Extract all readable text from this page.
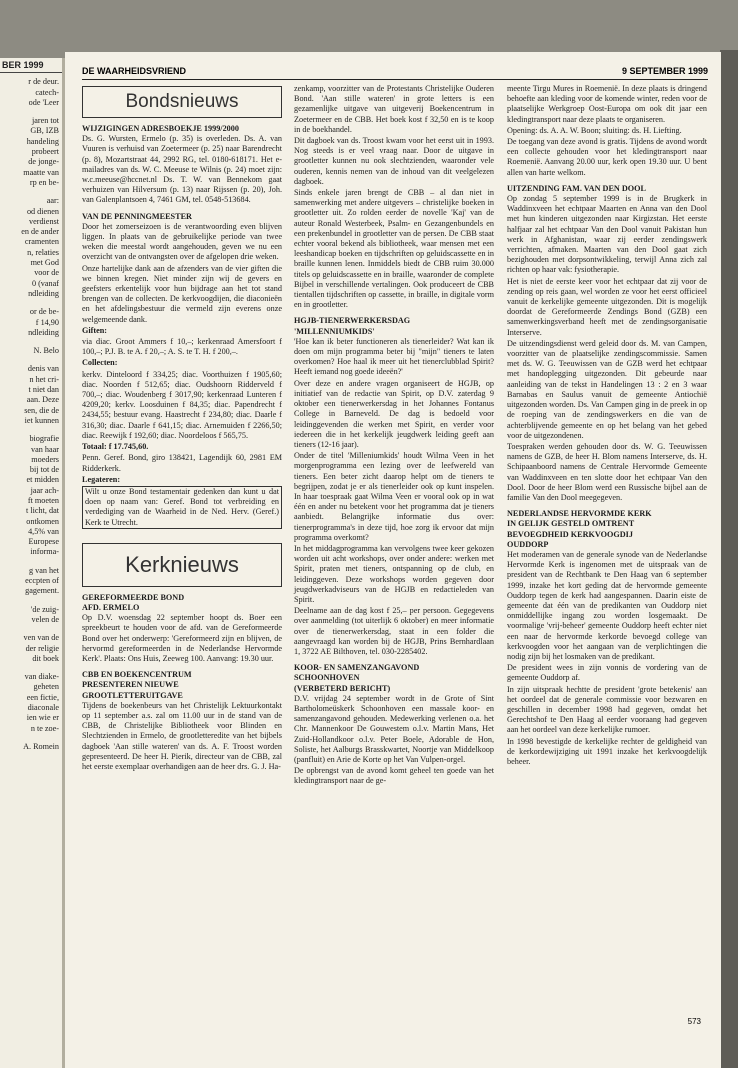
BER 1999
r de deur.
catech-
ode 'Leer
jaren tot
GB, IZB
handeling
probeert
de jonge-
maatte van
rp en be-
aar:
od dienen
verdienst
en de ander
cramenten
n, relaties
met God
voor de
0 (vanaf
ndleiding
or de be-
f 14,90
ndleiding
N. Belo
denis van
n het cri-
t niet dan
aan. Deze
sen, die de
iet kunnen
biografie
van haar
moeders
bij tot de
et midden
jaar ach-
ft moeten
t licht, dat
ontkomen
4,5% van
Europese
informa-
g van het
eccpten of
gagement.
'de zuig-
velen de
ven van de
der religie
dit boek
van diake-
geheten
een fictie,
diaconale
ien wie er
n te zoe-
A. Romein
DE WAARHEIDSVRIEND	9 SEPTEMBER 1999
Bondsnieuws
WIJZIGINGEN ADRESBOEKJE 1999/2000

Ds. G. Wursten, Ermelo (p. 35) is overleden. Ds. A. van Vuuren is verhuisd van Zoetermeer (p. 25) naar Barendrecht (p. 8), Mozartstraat 44, 2992 RG, tel. 0180-618171. Het e-mailadres van ds. W. C. Meeuse te Wilnis (p. 24) moet zijn: w.c.meeuse@hccnet.nl Ds. T. W. van Bennekom gaat verhuizen van Hilversum (p. 13) naar Rijssen (p. 20), Joh. van Galenplantsoen 4, 7461 GM, tel. 0548-513684.

VAN DE PENNINGMEESTER

Door het zomerseizoen is de verantwoording even blijven liggen. In plaats van de gebruikelijke periode van twee weken die meestal wordt aangehouden, geven we nu een overzicht van de ontvangsten over de afgelopen drie weken.

Onze hartelijke dank aan de afzenders van de vier giften die we binnen kregen. Niet minder zijn wij de gevers en geefsters erkentelijk voor hun bijdrage aan het tot stand brengen van de collecten. De kerkvoogdijen, die diaconieën en het afdelingsbestuur die vermeld zijn everens onze welgemeende dank.

Giften:

via diac. Groot Ammers f 10,–; kerkenraad Amersfoort f 100,–; P.J. B. te A. f 20,–; A. S. te T. H. f 200,–.

Collecten:

kerkv. Dinteloord f 334,25; diac. Voorthuizen f 1905,60; diac. Noorden f 512,65; diac. Oudshoorn Ridderveld f 700,–; diac. Woudenberg f 3017,90; kerkenraad Lunteren f 4209,20; kerkv. Loosduinen f 84,35; diac. Papendrecht f 2434,55; bestuur evang. Haastrecht f 234,80; diac. Daarle f 316,30; diac. Daarle f 641,15; diac. Arnemuiden f 2266,50; diac. Reewijk f 192,60; diac. Noordeloos f 565,75.

Totaal: f 17.745,60.

Penn. Geref. Bond, giro 138421, Lagendijk 60, 2981 EM Ridderkerk.

Legateren:

Wilt u onze Bond testamentair gedenken dan kunt u dat doen op naam van: Geref. Bond tot verbreiding en verdediging van de Waarheid in de Ned. Herv. (Geref.) Kerk te Utrecht.

Kerknieuws
GEREFORMEERDE BOND
AFD. ERMELO

Op D.V. woensdag 22 september hoopt ds. Boer een spreekbeurt te houden voor de afd. van de Gereformeerde Bond over het onderwerp: 'Gereformeerd zijn en blijven, de hervormd gereformeerden in de Nederlandse Hervormde Kerk'. Plaats: Ons Huis, Zeeweg 100. Aanvang: 19.30 uur.

CBB EN BOEKENCENTRUM
PRESENTEREN NIEUWE
GROOTLETTERUITGAVE

Tijdens de boekenbeurs van het Christelijk Lektuurkontakt op 11 september a.s. zal om 11.00 uur in de stand van de CBB, de Christelijke Bibliotheek voor Blinden en Slechtzienden in Ermelo, de grootletteredite van het bijbels dagboek 'Aan stille wateren' van ds. A. F. Troost worden gepresenteerd. De heer H. Pierik, directeur van de CBB, zal het eerste exemplaar overhandigen aan de heer drs. G. J. Ha-

zenkamp, voorzitter van de Protestants Christelijke Ouderen Bond. 'Aan stille wateren' in grote letters is een gezamenlijke uitgave van uitgeverij Boekencentrum in Zoetermeer en de CBB. Het boek kost f 32,50 en is te koop in de boekhandel.

Dit dagboek van ds. Troost kwam voor het eerst uit in 1993. Nog steeds is er veel vraag naar. Door de uitgave in grootletter kunnen nu ook slechtzienden, waaronder vele ouderen, kennis nemen van de inhoud van dit veelgelezen dagboek.

Sinds enkele jaren brengt de CBB – al dan niet in samenwerking met andere uitgevers – christelijke boeken in grootletter uit. Zo rolden eerder de novelle 'Kaj' van de auteur Ronald Westerbeek, Psalm- en Gezangenbundels en een prekenbundel in grootletter van de persen. De CBB staat echter vooral bekend als bibliotheek, waar mensen met een leeshandicap boeken en tijdschriften op geluidscassette en in braille kunnen lenen. Inmiddels biedt de CBB ruim 30.000 titels op geluidscassette en in braille, waaronder de complete Bijbel in verschillende vertalingen. Ook produceert de CBB tientallen tijdschriften op cassette, in braille, in digitale vorm en in grootletter.

HGJB-TIENERWERKERSDAG
'MILLENNIUMKIDS'

'Hoe kan ik beter functioneren als tienerleider? Wat kan ik doen om mijn programma beter bij "mijn" tieners te laten overkomen? Hoe haal ik meer uit het tienerclubblad Spirit? Heeft iemand nog goede ideeën?'

Over deze en andere vragen organiseert de HGJB, op initiatief van de redactie van Spirit, op D.V. zaterdag 9 oktober een tienerwerkersdag in het Johannes Fontanus College in Barneveld. De dag is bedoeld voor leidinggevenden die werken met Spirit, en verder voor iedereen die in het kerkelijk jeugdwerk leiding geeft aan tieners (12-16 jaar).

Onder de titel 'Milleniumkids' houdt Wilma Veen in het morgenprogramma een lezing over de leefwereld van tieners. Een beter zicht daarop helpt om de tieners te begrijpen, zodat je er als tienerleider ook op kunt inspelen. In haar toespraak gaat Wilma Veen er vooral ook op in wat één en ander nu betekent voor het programma dat je tieners aanbiedt. Belangrijke informatie dus over: tienerprogramma's in deze tijd, hoe zorg ik ervoor dat mijn programma overkomt?

In het middagprogramma kan vervolgens twee keer gekozen worden uit acht workshops, over onder andere: werken met Spirit, praten met tieners, ontspanning op de club, en leidinggeven. Deze workshops worden gegeven door jeugdwerkadviseurs van de HGJB en redactieleden van Spirit.

Deelname aan de dag kost f 25,– per persoon. Gegegevens over aanmelding (tot uiterlijk 6 oktober) en meer informatie over de tienerwerkersdag, staat in een folder die aangevraagd kan worden bij de HGJB, Prins Bernhardlaan 1, 3722 AE Bilthoven, tel. 030-2285402.

KOOR- EN SAMENZANGAVOND
SCHOONHOVEN
(VERBETERD BERICHT)

D.V. vrijdag 24 september wordt in de Grote of Sint Bartholomeüskerk Schoonhoven een massale koor- en samenzangavond gehouden. Medewerking verlenen o.a. het Chr. Mannenkoor De Gouwestem o.l.v. Martin Mans, Het Zuid-Hollandkoor o.l.v. Peter Boele, Adorable de Hon, Soliste, het Aalburgs Brasskwartet, Noortje van Middelkoop (panfluit) en Arie de Korte op het Van Vulpen-orgel.

De opbrengst van de avond komt geheel ten goede van het kledingtransport naar de ge-

meente Tirgu Mures in Roemenië. In deze plaats is dringend behoefte aan kleding voor de komende winter, reden voor de plaatselijke Werkgroep Oost-Europa om ook dit jaar een kledingtransport naar deze plaats te organiseren.

Opening: ds. A. A. W. Boon; sluiting: ds. H. Liefting.

De toegang van deze avond is gratis. Tijdens de avond wordt een collecte gehouden voor het kledingtransport naar Roemenië. Aanvang 20.00 uur, kerk open 19.30 uur. U bent allen van harte welkom.

UITZENDING FAM. VAN DEN DOOL

Op zondag 5 september 1999 is in de Brugkerk in Waddinxveen het echtpaar Maarten en Anna van den Dool met hun kinderen uitgezonden naar Kirgizstan. Het eerste halfjaar zal het echtpaar Van den Dool vanuit Pakistan hun werk in Afghanistan, waar zij eerder zendingswerk verrichten, afmaken. Maarten van den Dool gaat zich bezighouden met dorpsontwikkeling, terwijl Anna zich zal richten op haar vak: fysiotherapie.

Het is niet de eerste keer voor het echtpaar dat zij voor de zending op reis gaan, wel worden ze voor het eerst officieel vanuit de kerkelijke gemeente uitgezonden. Dit is mogelijk doordat de Gereformeerde Zendings Bond (GZB) een samenwerkingsverband heeft met de zendingsorganisatie Interserve.

De uitzendingsdienst werd geleid door ds. M. van Campen, voorzitter van de plaatselijke zendingscommissie. Samen met ds. W. G. Teeuwissen van de GZB werd het echtpaar met handoplegging uitgezonden. Dit gebeurde naar aanleiding van de tekst in Handelingen 13 : 2 en 3 waar Barnabas en Saulus vanuit de gemeente Antiochië uitgezonden worden. Ds. Van Campen ging in de preek in op de roeping van de zendingswerkers en die van de achterblijvende gemeente en op het belang van het gebed voor de uitgezondenen.

Toespraken werden gehouden door ds. W. G. Teeuwissen namens de GZB, de heer H. Blom namens Interserve, ds. H. Schipaanboord namens de Centrale Hervormde Gemeente van Waddinxveen en ten slotte door het echtpaar Van den Dool. Door de heer Blom werd een Russische bijbel aan de familie Van den Dool meegegeven.

NEDERLANDSE HERVORMDE KERK
IN GELIJK GESTELD OMTRENT
BEVOEGDHEID KERKVOOGDIJ
OUDDORP

Het moderamen van de generale synode van de Nederlandse Hervormde Kerk is ingenomen met de uitspraak van de president van de Rechtbank te Den Haag van 6 september 1999, inzake het kort geding dat de hervormde gemeente Ouddorp tegen de kerk had aangespannen. Daarin eiste de gemeente dat één van de predikanten van Ouddorp niet onmiddellijke ingang zou worden losgemaakt. De voormalige 'vrij-beheer' gemeente Ouddorp heeft echter niet een naar de hervormde kerkorde bevoegd college van kerkvoogden voor het aangaan van de verplichtingen die nodig zijn bij het losmaken van de predikant.

De president wees in zijn vonnis de vordering van de gemeente Ouddorp af.

In zijn uitspraak hechtte de president 'grote betekenis' aan het oordeel dat de generale commissie voor bezwaren en geschillen in december 1998 had gegeven, omdat het Gerechtshof te Den Haag al eerder vooraang had gegeven aan het oordeel van deze kerkelijke rumoer.

In 1998 bevestigde de kerkelijke rechter de geldigheid van de kerkordewijziging uit 1991 inzake het kerkvoogdelijk beheer.

573
